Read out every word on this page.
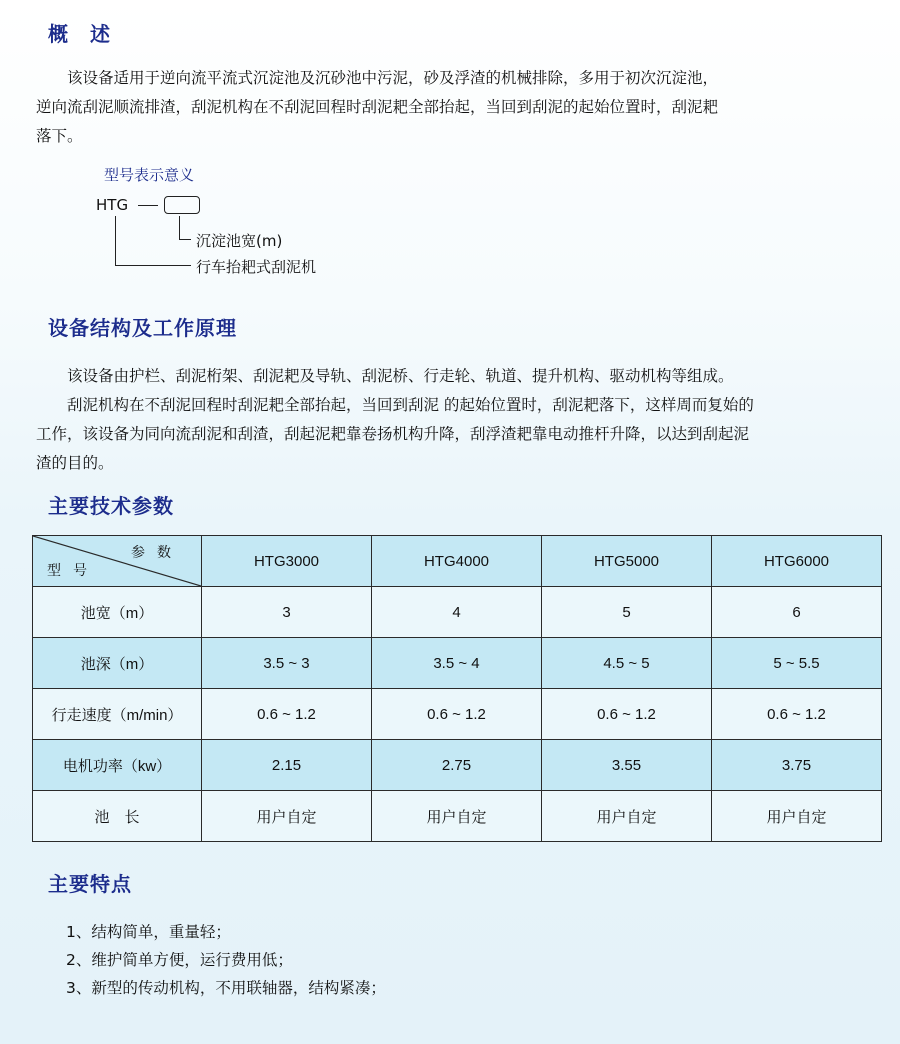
概　述

该设备适用于逆向流平流式沉淀池及沉砂池中污泥，砂及浮渣的机械排除，多用于初次沉淀池，
逆向流刮泥顺流排渣，刮泥机构在不刮泥回程时刮泥耙全部抬起，当回到刮泥的起始位置时，刮泥耙
落下。

型号表示意义
HTG
沉淀池宽(m)
行车抬耙式刮泥机
设备结构及工作原理

该设备由护栏、刮泥桁架、刮泥耙及导轨、刮泥桥、行走轮、轨道、提升机构、驱动机构等组成。
刮泥机构在不刮泥回程时刮泥耙全部抬起，当回到刮泥 的起始位置时，刮泥耙落下，这样周而复始的
工作，该设备为同向流刮泥和刮渣，刮起泥耙靠卷扬机构升降，刮浮渣耙靠电动推杆升降，以达到刮起泥
渣的目的。

主要技术参数
参数
型号	HTG3000	HTG4000	HTG5000	HTG6000
池宽（m）	3	4	5	6
池深（m）	3.5 ~ 3	3.5 ~ 4	4.5 ~ 5	5 ~ 5.5
行走速度（m/min）	0.6 ~ 1.2	0.6 ~ 1.2	0.6 ~ 1.2	0.6 ~ 1.2
电机功率（kw）	2.15	2.75	3.55	3.75
池　长	用户自定	用户自定	用户自定	用户自定
主要特点
1、结构简单，重量轻；
2、维护简单方便，运行费用低；
3、新型的传动机构，不用联轴器，结构紧凑；
